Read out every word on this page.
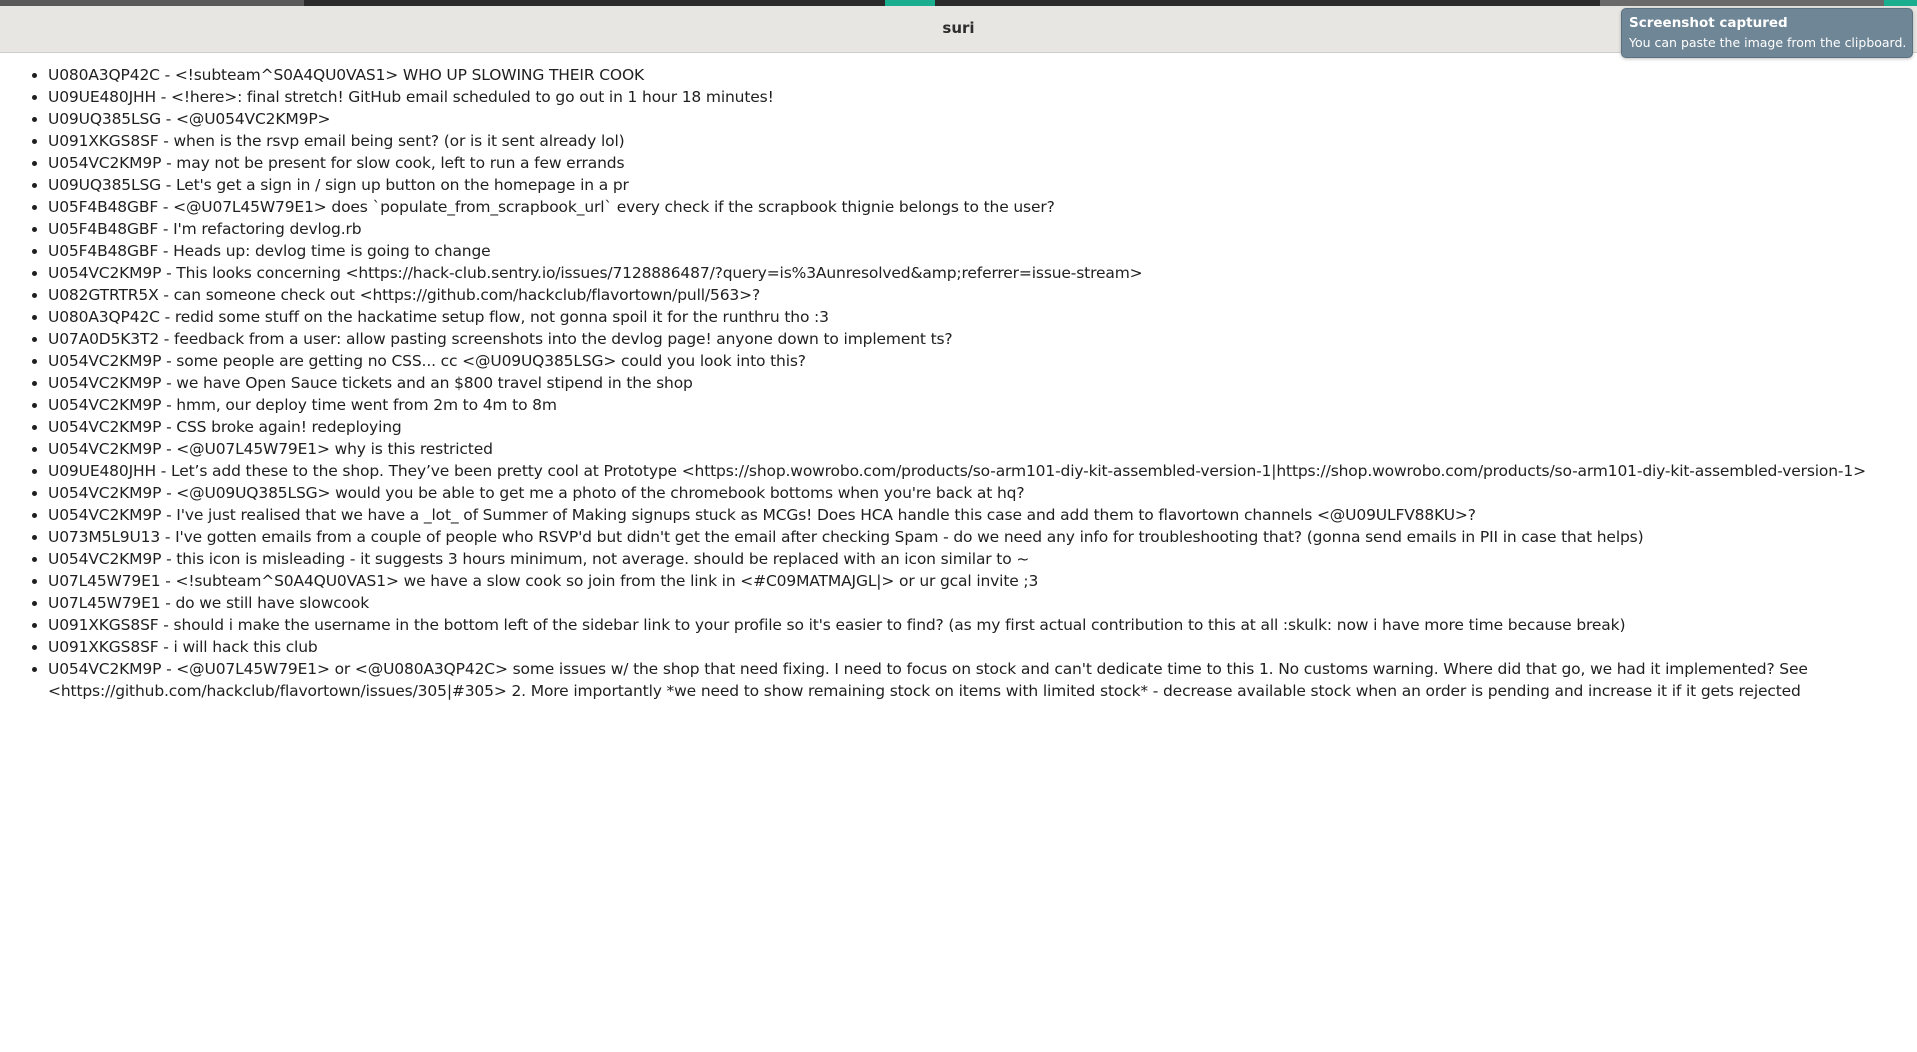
suri	Screenshot captured
You can paste the image from the clipboard.
• U080A3QP42C - <!subteam^S0A4QU0VAS1> WHO UP SLOWING THEIR COOK
• U09UE480JHH - <!here>: final stretch! GitHub email scheduled to go out in 1 hour 18 minutes!
• U09UQ385LSG - <@U054VC2KM9P>
• U091XKGS8SF - when is the rsvp email being sent? (or is it sent already lol)
• U054VC2KM9P - may not be present for slow cook, left to run a few errands
• U09UQ385LSG - Let's get a sign in / sign up button on the homepage in a pr
• U05F4B48GBF - <@U07L45W79E1> does `populate_from_scrapbook_url` every check if the scrapbook thignie belongs to the user?
• U05F4B48GBF - I'm refactoring devlog.rb
• U05F4B48GBF - Heads up: devlog time is going to change
• U054VC2KM9P - This looks concerning <https://hack-club.sentry.io/issues/7128886487/?query=is%3Aunresolved&amp;referrer=issue-stream>
• U082GTRTR5X - can someone check out <https://github.com/hackclub/flavortown/pull/563>?
• U080A3QP42C - redid some stuff on the hackatime setup flow, not gonna spoil it for the runthru tho :3
• U07A0D5K3T2 - feedback from a user: allow pasting screenshots into the devlog page! anyone down to implement ts?
• U054VC2KM9P - some people are getting no CSS... cc <@U09UQ385LSG> could you look into this?
• U054VC2KM9P - we have Open Sauce tickets and an $800 travel stipend in the shop
• U054VC2KM9P - hmm, our deploy time went from 2m to 4m to 8m
• U054VC2KM9P - CSS broke again! redeploying
• U054VC2KM9P - <@U07L45W79E1> why is this restricted
• U09UE480JHH - Let’s add these to the shop. They’ve been pretty cool at Prototype <https://shop.wowrobo.com/products/so-arm101-diy-kit-assembled-version-1|https://shop.wowrobo.com/products/so-arm101-diy-kit-assembled-version-1>
• U054VC2KM9P - <@U09UQ385LSG> would you be able to get me a photo of the chromebook bottoms when you're back at hq?
• U054VC2KM9P - I've just realised that we have a _lot_ of Summer of Making signups stuck as MCGs! Does HCA handle this case and add them to flavortown channels <@U09ULFV88KU>?
• U073M5L9U13 - I've gotten emails from a couple of people who RSVP'd but didn't get the email after checking Spam - do we need any info for troubleshooting that? (gonna send emails in PII in case that helps)
• U054VC2KM9P - this icon is misleading - it suggests 3 hours minimum, not average. should be replaced with an icon similar to ~
• U07L45W79E1 - <!subteam^S0A4QU0VAS1> we have a slow cook so join from the link in <#C09MATMAJGL|> or ur gcal invite ;3
• U07L45W79E1 - do we still have slowcook
• U091XKGS8SF - should i make the username in the bottom left of the sidebar link to your profile so it's easier to find? (as my first actual contribution to this at all :skulk: now i have more time because break)
• U091XKGS8SF - i will hack this club
• U054VC2KM9P - <@U07L45W79E1> or <@U080A3QP42C> some issues w/ the shop that need fixing. I need to focus on stock and can't dedicate time to this 1. No customs warning. Where did that go, we had it implemented? See <https://github.com/hackclub/flavortown/issues/305|#305> 2. More importantly *we need to show remaining stock on items with limited stock* - decrease available stock when an order is pending and increase it if it gets rejected
